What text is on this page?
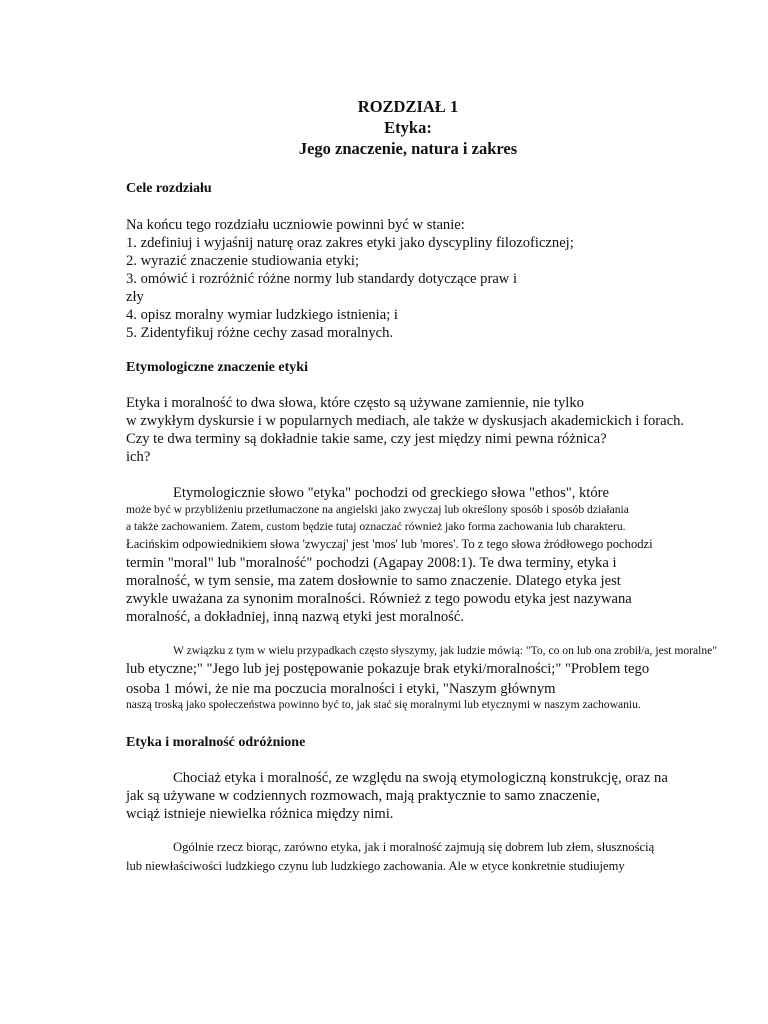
ROZDZIAŁ 1

Etyka:

Jego znaczenie, natura i zakres

Cele rozdziału

Na końcu tego rozdziału uczniowie powinni być w stanie:

1. zdefiniuj i wyjaśnij naturę oraz zakres etyki jako dyscypliny filozoficznej;

2. wyrazić znaczenie studiowania etyki;

3. omówić i rozróżnić różne normy lub standardy dotyczące praw i

zły

4. opisz moralny wymiar ludzkiego istnienia; i

5. Zidentyfikuj różne cechy zasad moralnych.

Etymologiczne znaczenie etyki

Etyka i moralność to dwa słowa, które często są używane zamiennie, nie tylko

w zwykłym dyskursie i w popularnych mediach, ale także w dyskusjach akademickich i forach.

Czy te dwa terminy są dokładnie takie same, czy jest między nimi pewna różnica?

ich?

Etymologicznie słowo "etyka" pochodzi od greckiego słowa "ethos", które

może być w przybliżeniu przetłumaczone na angielski jako zwyczaj lub określony sposób i sposób działania

a także zachowaniem. Zatem, custom będzie tutaj oznaczać również jako forma zachowania lub charakteru.

Łacińskim odpowiednikiem słowa 'zwyczaj' jest 'mos' lub 'mores'. To z tego słowa źródłowego pochodzi

termin "moral" lub "moralność" pochodzi (Agapay 2008:1). Te dwa terminy, etyka i

moralność, w tym sensie, ma zatem dosłownie to samo znaczenie. Dlatego etyka jest

zwykle uważana za synonim moralności. Również z tego powodu etyka jest nazywana

moralność, a dokładniej, inną nazwą etyki jest moralność.

W związku z tym w wielu przypadkach często słyszymy, jak ludzie mówią: "To, co on lub ona zrobił/a, jest moralne"

lub etyczne;" "Jego lub jej postępowanie pokazuje brak etyki/moralności;" "Problem tego

osoba 1 mówi, że nie ma poczucia moralności i etyki, "Naszym głównym

naszą troską jako społeczeństwa powinno być to, jak stać się moralnymi lub etycznymi w naszym zachowaniu.

Etyka i moralność odróżnione

Chociaż etyka i moralność, ze względu na swoją etymologiczną konstrukcję, oraz na

jak są używane w codziennych rozmowach, mają praktycznie to samo znaczenie,

wciąż istnieje niewielka różnica między nimi.

Ogólnie rzecz biorąc, zarówno etyka, jak i moralność zajmują się dobrem lub złem, słusznością

lub niewłaściwości ludzkiego czynu lub ludzkiego zachowania. Ale w etyce konkretnie studiujemy
